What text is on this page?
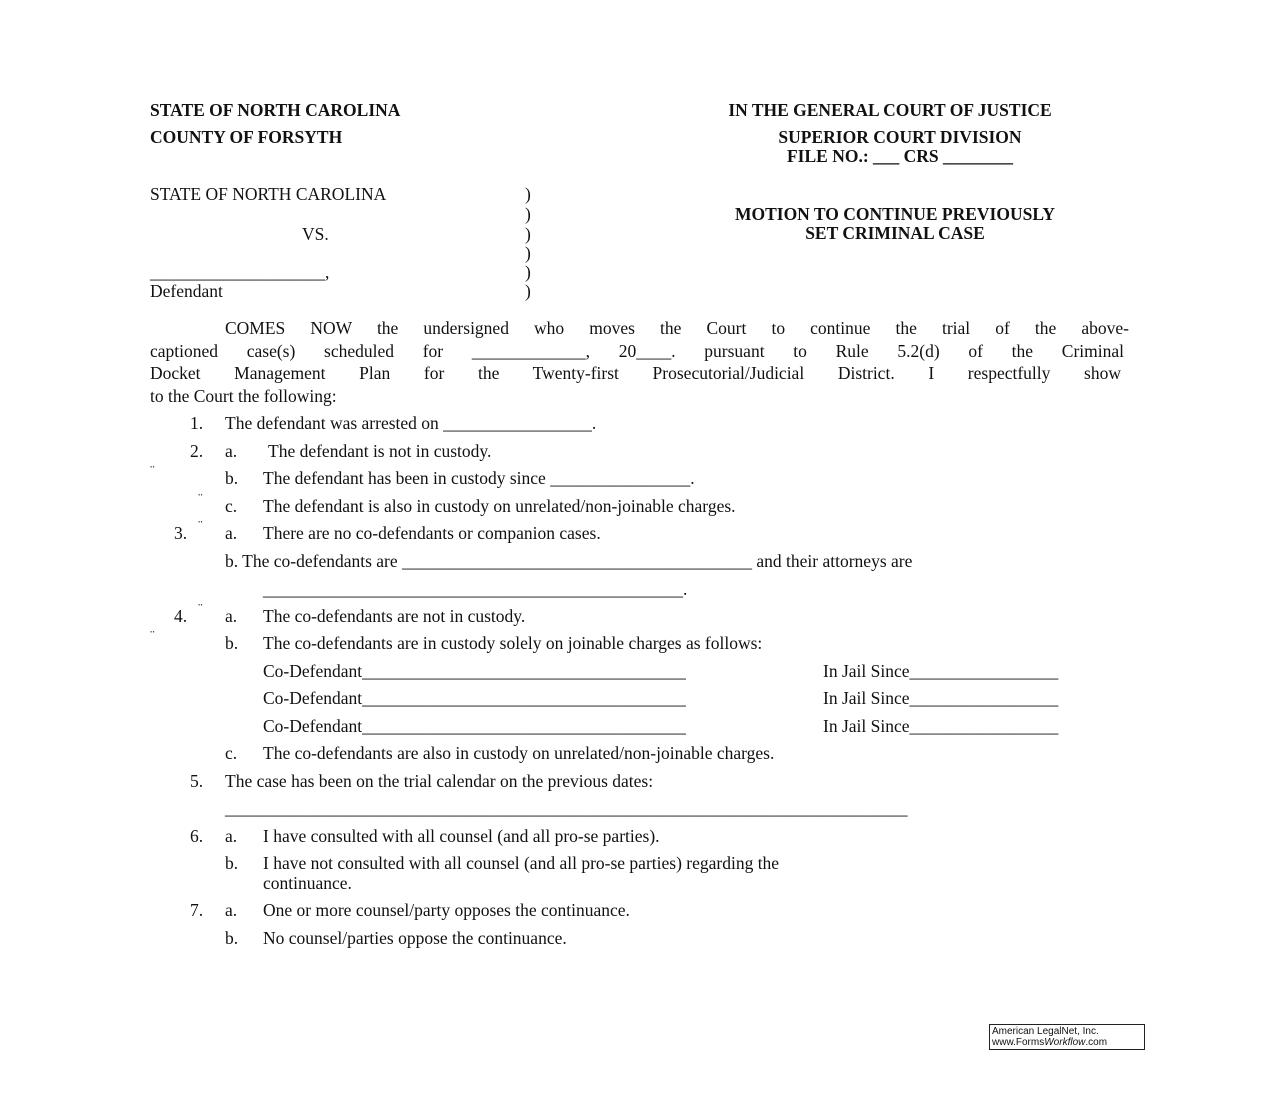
STATE OF NORTH CAROLINA
COUNTY OF FORSYTH
IN THE GENERAL COURT OF JUSTICE
SUPERIOR COURT DIVISION
FILE NO.: ___ CRS ________
STATE OF NORTH CAROLINA
VS.
____________________,
Defendant
)
)
)
)
)
)
MOTION TO CONTINUE PREVIOUSLY
SET CRIMINAL CASE
COMES NOW the undersigned who moves the Court to continue the trial of the above-
captioned case(s) scheduled for _____________, 20____. pursuant to Rule 5.2(d) of the Criminal
Docket Management Plan for the Twenty-first Prosecutorial/Judicial District. I respectfully show
to the Court the following:
1. The defendant was arrested on _________________.
2. a. The defendant is not in custody.
¨	b. The defendant has been in custody since ________________.
¨ c. The defendant is also in custody on unrelated/non-joinable charges.
3. ¨ a. There are no co-defendants or companion cases.
b. The co-defendants are ________________________________________ and their attorneys are
________________________________________________.
4. ¨ a. The co-defendants are not in custody.
¨	b. The co-defendants are in custody solely on joinable charges as follows:
Co-Defendant_____________________________________	In Jail Since_________________
Co-Defendant_____________________________________	In Jail Since_________________
Co-Defendant_____________________________________	In Jail Since_________________
c. The co-defendants are also in custody on unrelated/non-joinable charges.
5. The case has been on the trial calendar on the previous dates:
______________________________________________________________________________
6. a. I have consulted with all counsel (and all pro-se parties).
b. I have not consulted with all counsel (and all pro-se parties) regarding the
continuance.
7. a. One or more counsel/party opposes the continuance.
b. No counsel/parties oppose the continuance.
American LegalNet, Inc.
www.FormsWorkflow.com
